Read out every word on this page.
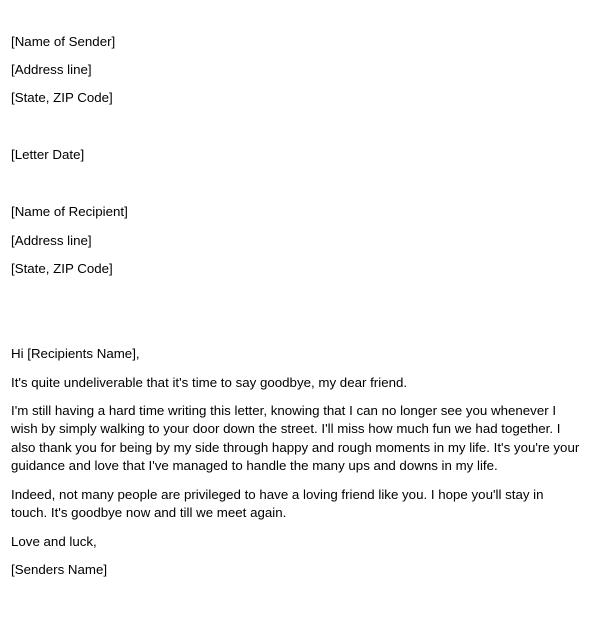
[Name of Sender]
[Address line]
[State, ZIP Code]
[Letter Date]
[Name of Recipient]
[Address line]
[State, ZIP Code]
Hi [Recipients Name],
It's quite undeliverable that it's time to say goodbye, my dear friend.
I'm still having a hard time writing this letter, knowing that I can no longer see you whenever I wish by simply walking to your door down the street. I'll miss how much fun we had together. I also thank you for being by my side through happy and rough moments in my life. It's you're your guidance and love that I've managed to handle the many ups and downs in my life.
Indeed, not many people are privileged to have a loving friend like you. I hope you'll stay in touch. It's goodbye now and till we meet again.
Love and luck,
[Senders Name]
